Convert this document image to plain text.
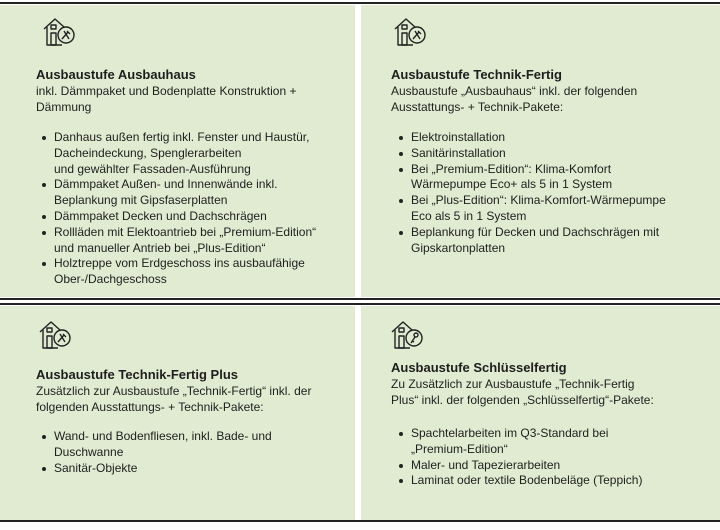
Ausbaustufe Ausbauhaus
inkl. Dämmpaket und Bodenplatte Konstruktion +
Dämmung
Danhaus außen fertig inkl. Fenster und Haustür,
Dacheindeckung, Spenglerarbeiten
und gewählter Fassaden-Ausführung
Dämmpaket Außen- und Innenwände inkl.
Beplankung mit Gipsfaserplatten
Dämmpaket Decken und Dachschrägen
Rollläden mit Elektoantrieb bei „Premium-Edition“
und manueller Antrieb bei „Plus-Edition“
Holztreppe vom Erdgeschoss ins ausbaufähige
Ober-/Dachgeschoss
Ausbaustufe Technik-Fertig
Ausbaustufe „Ausbauhaus“ inkl. der folgenden
Ausstattungs- + Technik-Pakete:
Elektroinstallation
Sanitärinstallation
Bei „Premium-Edition“: Klima-Komfort
Wärmepumpe Eco+ als 5 in 1 System
Bei „Plus-Edition“: Klima-Komfort-Wärmepumpe
Eco als 5 in 1 System
Beplankung für Decken und Dachschrägen mit
Gipskartonplatten
Ausbaustufe Technik-Fertig Plus
Zusätzlich zur Ausbaustufe „Technik-Fertig“ inkl. der
folgenden Ausstattungs- + Technik-Pakete:
Wand- und Bodenfliesen, inkl. Bade- und
Duschwanne
Sanitär-Objekte
Ausbaustufe Schlüsselfertig
Zu Zusätzlich zur Ausbaustufe „Technik-Fertig
Plus“ inkl. der folgenden „Schlüsselfertig“-Pakete:
Spachtelarbeiten im Q3-Standard bei
„Premium-Edition“
Maler- und Tapezierarbeiten
Laminat oder textile Bodenbeläge (Teppich)
